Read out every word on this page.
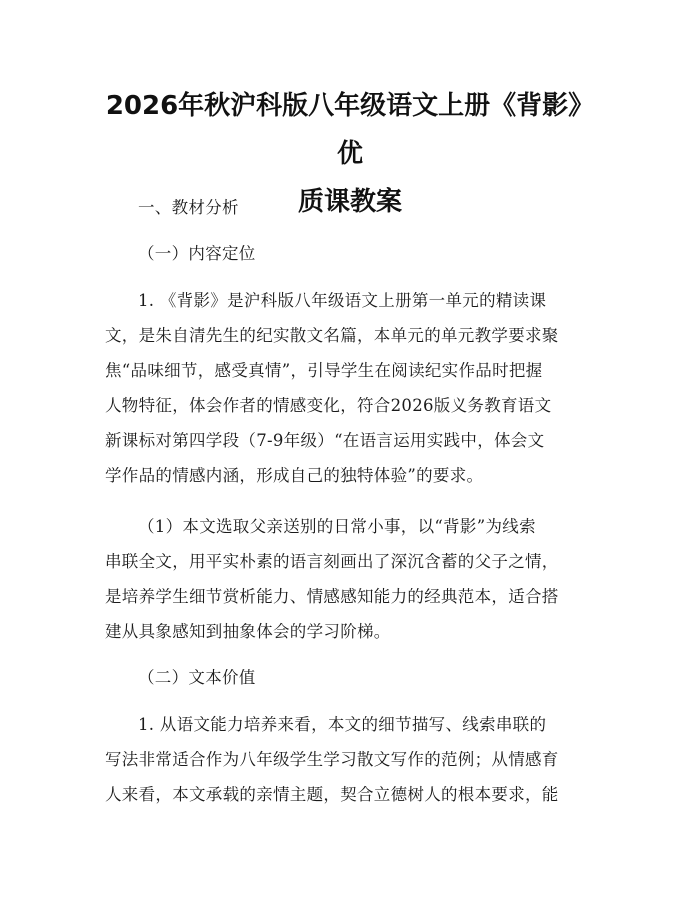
2026年秋沪科版八年级语文上册《背影》优
质课教案

一、教材分析

（一）内容定位

1. 《背影》是沪科版八年级语文上册第一单元的精读课
文，是朱自清先生的纪实散文名篇，本单元的单元教学要求聚
焦“品味细节，感受真情”，引导学生在阅读纪实作品时把握
人物特征，体会作者的情感变化，符合2026版义务教育语文
新课标对第四学段（7-9年级）“在语言运用实践中，体会文
学作品的情感内涵，形成自己的独特体验”的要求。
（1）本文选取父亲送别的日常小事，以“背影”为线索
串联全文，用平实朴素的语言刻画出了深沉含蓄的父子之情，
是培养学生细节赏析能力、情感感知能力的经典范本，适合搭
建从具象感知到抽象体会的学习阶梯。

（二）文本价值

1. 从语文能力培养来看，本文的细节描写、线索串联的
写法非常适合作为八年级学生学习散文写作的范例；从情感育
人来看，本文承载的亲情主题，契合立德树人的根本要求，能
